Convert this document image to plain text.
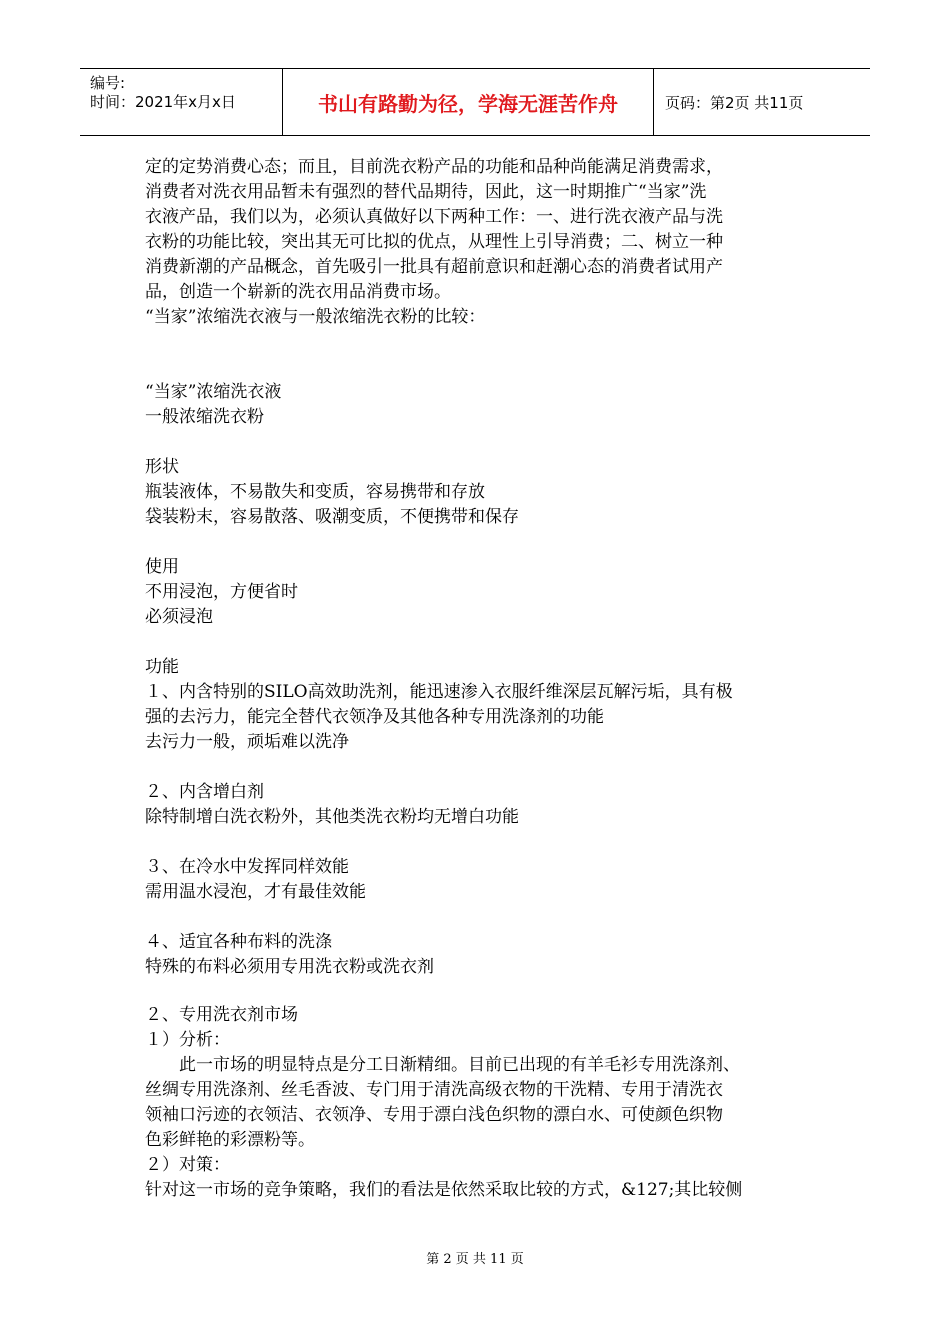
编号:
时间：2021年x月x日	书山有路勤为径，学海无涯苦作舟	页码：第2页 共11页
定的定势消费心态；而且，目前洗衣粉产品的功能和品种尚能满足消费需求，
消费者对洗衣用品暂未有强烈的替代品期待，因此，这一时期推广“当家”洗
衣液产品，我们以为，必须认真做好以下两种工作：一、进行洗衣液产品与洗
衣粉的功能比较，突出其无可比拟的优点，从理性上引导消费；二、树立一种
消费新潮的产品概念，首先吸引一批具有超前意识和赶潮心态的消费者试用产
品，创造一个崭新的洗衣用品消费市场。
“当家”浓缩洗衣液与一般浓缩洗衣粉的比较：
“当家”浓缩洗衣液
一般浓缩洗衣粉
形状
瓶装液体，不易散失和变质，容易携带和存放
袋装粉末，容易散落、吸潮变质，不便携带和保存
使用
不用浸泡，方便省时
必须浸泡
功能
１、内含特别的SILO高效助洗剂，能迅速渗入衣服纤维深层瓦解污垢，具有极
强的去污力，能完全替代衣领净及其他各种专用洗涤剂的功能
去污力一般，顽垢难以洗净
２、内含增白剂
除特制增白洗衣粉外，其他类洗衣粉均无增白功能
３、在冷水中发挥同样效能
需用温水浸泡，才有最佳效能
４、适宜各种布料的洗涤
特殊的布料必须用专用洗衣粉或洗衣剂
２、专用洗衣剂市场
１）分析：
　　此一市场的明显特点是分工日渐精细。目前已出现的有羊毛衫专用洗涤剂、
丝绸专用洗涤剂、丝毛香波、专门用于清洗高级衣物的干洗精、专用于清洗衣
领袖口污迹的衣领洁、衣领净、专用于漂白浅色织物的漂白水、可使颜色织物
色彩鲜艳的彩漂粉等。
２）对策：
针对这一市场的竞争策略，我们的看法是依然采取比较的方式，&127;其比较侧
第 2 页 共 11 页
